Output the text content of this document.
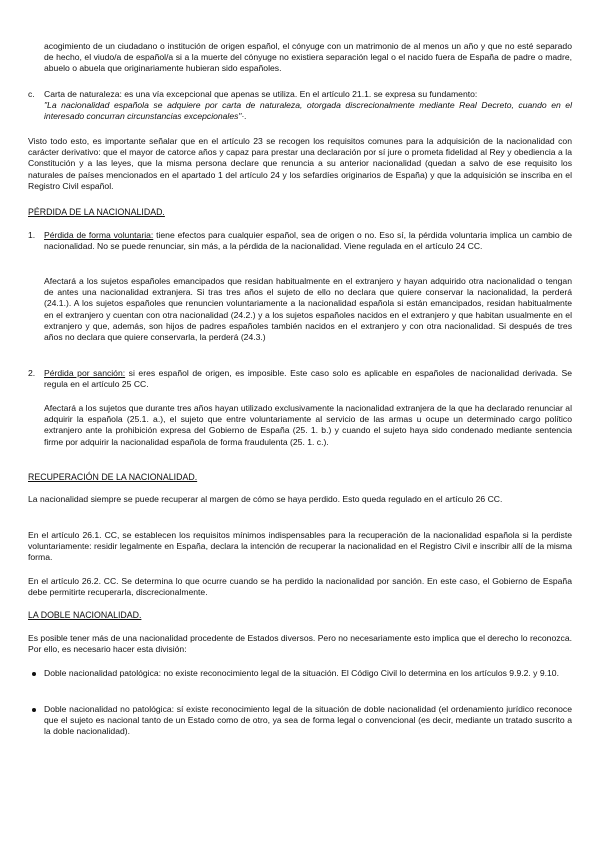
acogimiento de un ciudadano o institución de origen español, el cónyuge con un matrimonio de al menos un año y que no esté separado de hecho, el viudo/a de español/a si a la muerte del cónyuge no existiera separación legal o el nacido fuera de España de padre o madre, abuelo o abuela que originariamente hubieran sido españoles.

c. Carta de naturaleza: es una vía excepcional que apenas se utiliza. En el artículo 21.1. se expresa su fundamento:

"La nacionalidad española se adquiere por carta de naturaleza, otorgada discrecionalmente mediante Real Decreto, cuando en el interesado concurran circunstancias excepcionales"·.

Visto todo esto, es importante señalar que en el artículo 23 se recogen los requisitos comunes para la adquisición de la nacionalidad con carácter derivativo: que el mayor de catorce años y capaz para prestar una declaración por sí jure o prometa fidelidad al Rey y obediencia a la Constitución y a las leyes, que la misma persona declare que renuncia a su anterior nacionalidad (quedan a salvo de ese requisito los naturales de países mencionados en el apartado 1 del artículo 24 y los sefardíes originarios de España) y que la adquisición se inscriba en el Registro Civil español.

PÉRDIDA DE LA NACIONALIDAD.
1. Pérdida de forma voluntaria: tiene efectos para cualquier español, sea de origen o no. Eso sí, la pérdida voluntaria implica un cambio de nacionalidad. No se puede renunciar, sin más, a la pérdida de la nacionalidad. Viene regulada en el artículo 24 CC.

Afectará a los sujetos españoles emancipados que residan habitualmente en el extranjero y hayan adquirido otra nacionalidad o tengan de antes una nacionalidad extranjera. Si tras tres años el sujeto de ello no declara que quiere conservar la nacionalidad, la perderá (24.1.). A los sujetos españoles que renuncien voluntariamente a la nacionalidad española si están emancipados, residan habitualmente en el extranjero y cuentan con otra nacionalidad (24.2.) y a los sujetos españoles nacidos en el extranjero y que habitan usualmente en el extranjero y que, además, son hijos de padres españoles también nacidos en el extranjero y con otra nacionalidad. Si después de tres años no declara que quiere conservarla, la perderá (24.3.)

2. Pérdida por sanción: si eres español de origen, es imposible. Este caso solo es aplicable en españoles de nacionalidad derivada. Se regula en el artículo 25 CC.

Afectará a los sujetos que durante tres años hayan utilizado exclusivamente la nacionalidad extranjera de la que ha declarado renunciar al adquirir la española (25.1. a.), el sujeto que entre voluntariamente al servicio de las armas u ocupe un determinado cargo político extranjero ante la prohibición expresa del Gobierno de España (25. 1. b.) y cuando el sujeto haya sido condenado mediante sentencia firme por adquirir la nacionalidad española de forma fraudulenta (25. 1. c.).

RECUPERACIÓN DE LA NACIONALIDAD.

La nacionalidad siempre se puede recuperar al margen de cómo se haya perdido. Esto queda regulado en el artículo 26 CC.

En el artículo 26.1. CC, se establecen los requisitos mínimos indispensables para la recuperación de la nacionalidad española si la perdiste voluntariamente: residir legalmente en España, declara la intención de recuperar la nacionalidad en el Registro Civil e inscribir allí de la misma forma.

En el artículo 26.2. CC. Se determina lo que ocurre cuando se ha perdido la nacionalidad por sanción. En este caso, el Gobierno de España debe permitirte recuperarla, discrecionalmente.

LA DOBLE NACIONALIDAD.

Es posible tener más de una nacionalidad procedente de Estados diversos. Pero no necesariamente esto implica que el derecho lo reconozca. Por ello, es necesario hacer esta división:

Doble nacionalidad patológica: no existe reconocimiento legal de la situación. El Código Civil lo determina en los artículos 9.9.2. y 9.10.

Doble nacionalidad no patológica: sí existe reconocimiento legal de la situación de doble nacionalidad (el ordenamiento jurídico reconoce que el sujeto es nacional tanto de un Estado como de otro, ya sea de forma legal o convencional (es decir, mediante un tratado suscrito a la doble nacionalidad).
